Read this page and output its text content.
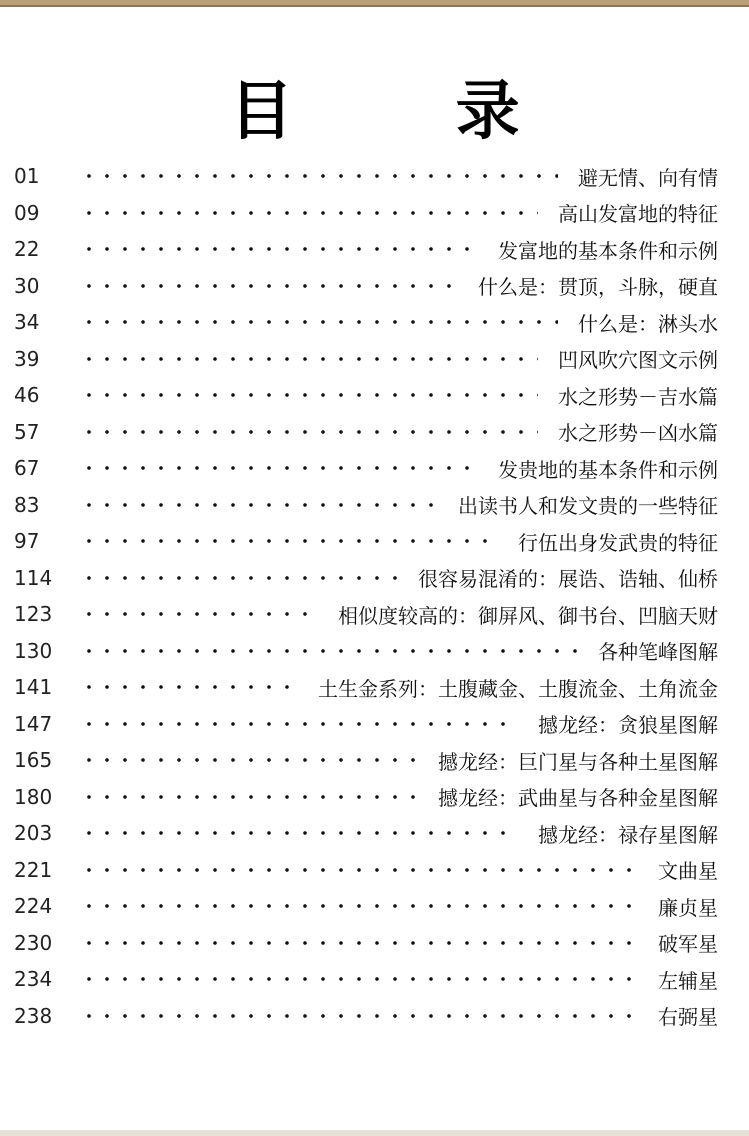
目 录
01	避无情、向有情
09	高山发富地的特征
22	发富地的基本条件和示例
30	什么是：贯顶，斗脉，硬直
34	什么是：淋头水
39	凹风吹穴图文示例
46	水之形势－吉水篇
57	水之形势－凶水篇
67	发贵地的基本条件和示例
83	出读书人和发文贵的一些特征
97	行伍出身发武贵的特征
114	很容易混淆的：展诰、诰轴、仙桥
123	相似度较高的：御屏风、御书台、凹脑天财
130	各种笔峰图解
141	土生金系列：土腹藏金、土腹流金、土角流金
147	撼龙经：贪狼星图解
165	撼龙经：巨门星与各种土星图解
180	撼龙经：武曲星与各种金星图解
203	撼龙经：禄存星图解
221	文曲星
224	廉贞星
230	破军星
234	左辅星
238	右弼星
